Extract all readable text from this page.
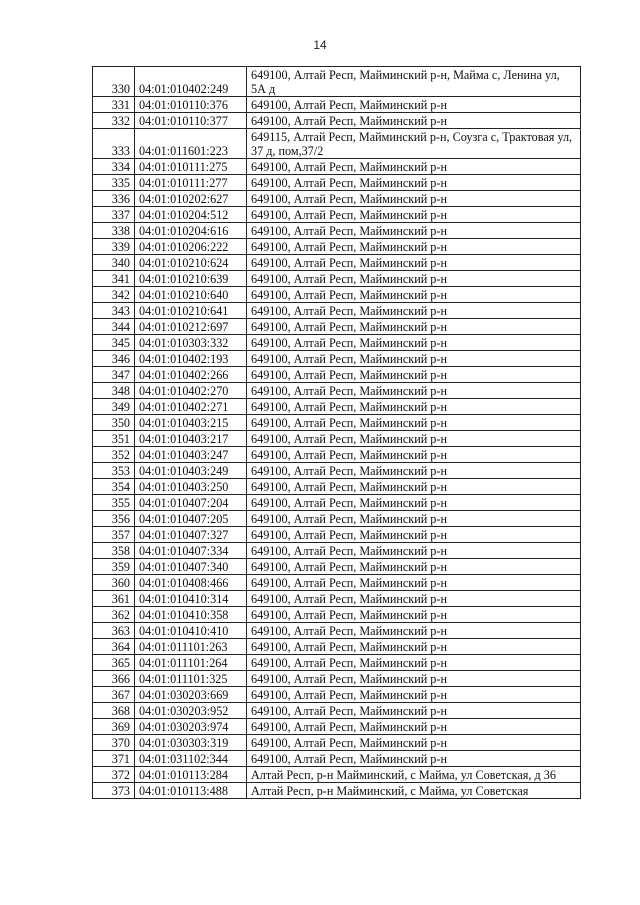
14
330	04:01:010402:249	649100, Алтай Респ, Майминский р-н, Майма с, Ленина ул, 5А д
331	04:01:010110:376	649100, Алтай Респ, Майминский р-н
332	04:01:010110:377	649100, Алтай Респ, Майминский р-н
333	04:01:011601:223	649115, Алтай Респ, Майминский р-н, Соузга с, Трактовая ул, 37 д, пом,37/2
334	04:01:010111:275	649100, Алтай Респ, Майминский р-н
335	04:01:010111:277	649100, Алтай Респ, Майминский р-н
336	04:01:010202:627	649100, Алтай Респ, Майминский р-н
337	04:01:010204:512	649100, Алтай Респ, Майминский р-н
338	04:01:010204:616	649100, Алтай Респ, Майминский р-н
339	04:01:010206:222	649100, Алтай Респ, Майминский р-н
340	04:01:010210:624	649100, Алтай Респ, Майминский р-н
341	04:01:010210:639	649100, Алтай Респ, Майминский р-н
342	04:01:010210:640	649100, Алтай Респ, Майминский р-н
343	04:01:010210:641	649100, Алтай Респ, Майминский р-н
344	04:01:010212:697	649100, Алтай Респ, Майминский р-н
345	04:01:010303:332	649100, Алтай Респ, Майминский р-н
346	04:01:010402:193	649100, Алтай Респ, Майминский р-н
347	04:01:010402:266	649100, Алтай Респ, Майминский р-н
348	04:01:010402:270	649100, Алтай Респ, Майминский р-н
349	04:01:010402:271	649100, Алтай Респ, Майминский р-н
350	04:01:010403:215	649100, Алтай Респ, Майминский р-н
351	04:01:010403:217	649100, Алтай Респ, Майминский р-н
352	04:01:010403:247	649100, Алтай Респ, Майминский р-н
353	04:01:010403:249	649100, Алтай Респ, Майминский р-н
354	04:01:010403:250	649100, Алтай Респ, Майминский р-н
355	04:01:010407:204	649100, Алтай Респ, Майминский р-н
356	04:01:010407:205	649100, Алтай Респ, Майминский р-н
357	04:01:010407:327	649100, Алтай Респ, Майминский р-н
358	04:01:010407:334	649100, Алтай Респ, Майминский р-н
359	04:01:010407:340	649100, Алтай Респ, Майминский р-н
360	04:01:010408:466	649100, Алтай Респ, Майминский р-н
361	04:01:010410:314	649100, Алтай Респ, Майминский р-н
362	04:01:010410:358	649100, Алтай Респ, Майминский р-н
363	04:01:010410:410	649100, Алтай Респ, Майминский р-н
364	04:01:011101:263	649100, Алтай Респ, Майминский р-н
365	04:01:011101:264	649100, Алтай Респ, Майминский р-н
366	04:01:011101:325	649100, Алтай Респ, Майминский р-н
367	04:01:030203:669	649100, Алтай Респ, Майминский р-н
368	04:01:030203:952	649100, Алтай Респ, Майминский р-н
369	04:01:030203:974	649100, Алтай Респ, Майминский р-н
370	04:01:030303:319	649100, Алтай Респ, Майминский р-н
371	04:01:031102:344	649100, Алтай Респ, Майминский р-н
372	04:01:010113:284	Алтай Респ, р-н Майминский, с Майма, ул Советская, д 36
373	04:01:010113:488	Алтай Респ, р-н Майминский, с Майма, ул Советская
